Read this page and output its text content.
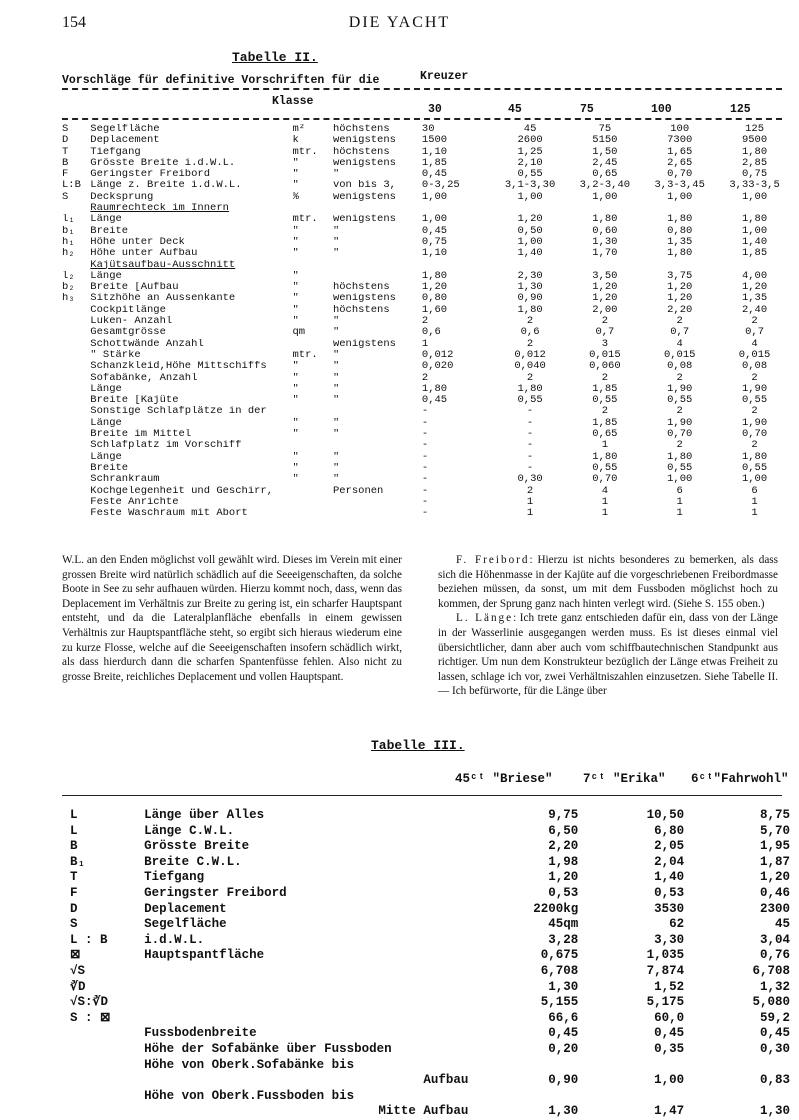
154	DIE YACHT
Tabelle II.
Vorschläge für definitive Vorschriften für die	Kreuzer
Klasse
30	45	75	100	125
S	Segelfläche	m²	höchstens	30	45	75	100	125
D	Deplacement	k	wenigstens	1500	2600	5150	7300	9500
T	Tiefgang	mtr.	höchstens	1,10	1,25	1,50	1,65	1,80
B	Grösste Breite i.d.W.L.	"	wenigstens	1,85	2,10	2,45	2,65	2,85
F	Geringster Freibord	"	"	0,45	0,55	0,65	0,70	0,75
L:B	Länge z. Breite i.d.W.L.	"	von bis 3,	0-3,25	3,1-3,30	3,2-3,40	3,3-3,45	3,33-3,5
S	Decksprung	%	wenigstens	1,00	1,00	1,00	1,00	1,00
	Raumrechteck im Innern							
l₁	Länge	mtr.	wenigstens	1,00	1,20	1,80	1,80	1,80
b₁	Breite	"	"	0,45	0,50	0,60	0,80	1,00
h₁	Höhe unter Deck	"	"	0,75	1,00	1,30	1,35	1,40
h₂	Höhe unter Aufbau	"	"	1,10	1,40	1,70	1,80	1,85
	Kajütsaufbau-Ausschnitt							
l₂	Länge	"		1,80	2,30	3,50	3,75	4,00
b₂	Breite [Aufbau	"	höchstens	1,20	1,30	1,20	1,20	1,20
h₃	Sitzhöhe an Aussenkante	"	wenigstens	0,80	0,90	1,20	1,20	1,35
	Cockpitlänge	"	höchstens	1,60	1,80	2,00	2,20	2,40
	Luken- Anzahl	"	"	2	2	2	2	2
	Gesamtgrösse	qm	"	0,6	0,6	0,7	0,7	0,7
	Schottwände Anzahl		wenigstens	1	2	3	4	4
	" Stärke	mtr.	"	0,012	0,012	0,015	0,015	0,015
	Schanzkleid,Höhe Mittschiffs	"	"	0,020	0,040	0,060	0,08	0,08
	Sofabänke, Anzahl	"	"	2	2	2	2	2
	Länge	"	"	1,80	1,80	1,85	1,90	1,90
	Breite [Kajüte	"	"	0,45	0,55	0,55	0,55	0,55
	Sonstige Schlafplätze in der			-	-	2	2	2
	Länge	"	"	-	-	1,85	1,90	1,90
	Breite im Mittel	"	"	-	-	0,65	0,70	0,70
	Schlafplatz im Vorschiff			-	-	1	2	2
	Länge	"	"	-	-	1,80	1,80	1,80
	Breite	"	"	-	-	0,55	0,55	0,55
	Schrankraum	"	"	-	0,30	0,70	1,00	1,00
	Kochgelegenheit und Geschirr,		Personen	-	2	4	6	6
	Feste Anrichte			-	1	1	1	1
	Feste Waschraum mit Abort			-	1	1	1	1

W.L. an den Enden möglichst voll gewählt wird. Dieses im Verein mit einer grossen Breite wird natürlich schädlich auf die Seeeigenschaften, da solche Boote in See zu sehr aufhauen würden. Hierzu kommt noch, dass, wenn das Deplacement im Verhältnis zur Breite zu gering ist, ein scharfer Hauptspant entsteht, und da die Lateralplanfläche ebenfalls in einem gewissen Verhältnis zur Hauptspantfläche steht, so ergibt sich hieraus wiederum eine zu kurze Flosse, welche auf die Seeeigenschaften insofern schädlich wirkt, als dass hierdurch dann die scharfen Spantenfüsse fehlen. Also nicht zu grosse Breite, reichliches Deplacement und vollen Hauptspant.

F. Freibord: Hierzu ist nichts besonderes zu bemerken, als dass sich die Höhenmasse in der Kajüte auf die vorgeschriebenen Freibordmasse beziehen müssen, da sonst, um mit dem Fussboden möglichst hoch zu kommen, der Sprung ganz nach hinten verlegt wird. (Siehe S. 155 oben.)

L. Länge: Ich trete ganz entschieden dafür ein, dass von der Länge in der Wasserlinie ausgegangen werden muss. Es ist dieses einmal viel übersichtlicher, dann aber auch vom schiffbautechnischen Standpunkt aus richtiger. Um nun dem Konstrukteur bezüglich der Länge etwas Freiheit zu lassen, schlage ich vor, zwei Verhältniszahlen einzusetzen. Siehe Tabelle II. — Ich befürworte, für die Länge über

Tabelle III.
45ᶜᵗ "Briese" 7ᶜᵗ "Erika" 6ᶜᵗ"Fahrwohl"
L	Länge über Alles	9,75	10,50	8,75
L	Länge C.W.L.	6,50	6,80	5,70
B	Grösste Breite	2,20	2,05	1,95
B₁	Breite C.W.L.	1,98	2,04	1,87
T	Tiefgang	1,20	1,40	1,20
F	Geringster Freibord	0,53	0,53	0,46
D	Deplacement	2200kg	3530	2300
S	Segelfläche	45qm	62	45
L : B	i.d.W.L.	3,28	3,30	3,04
⊠	Hauptspantfläche	0,675	1,035	0,76
√S		6,708	7,874	6,708
∛D		1,30	1,52	1,32
√S:∛D		5,155	5,175	5,080
S : ⊠		66,6	60,0	59,2
	Fussbodenbreite	0,45	0,45	0,45
	Höhe der Sofabänke über Fussboden	0,20	0,35	0,30
	Höhe von Oberk.Sofabänke bis			
	Aufbau	0,90	1,00	0,83
	Höhe von Oberk.Fussboden bis			
	Mitte Aufbau	1,30	1,47	1,30
